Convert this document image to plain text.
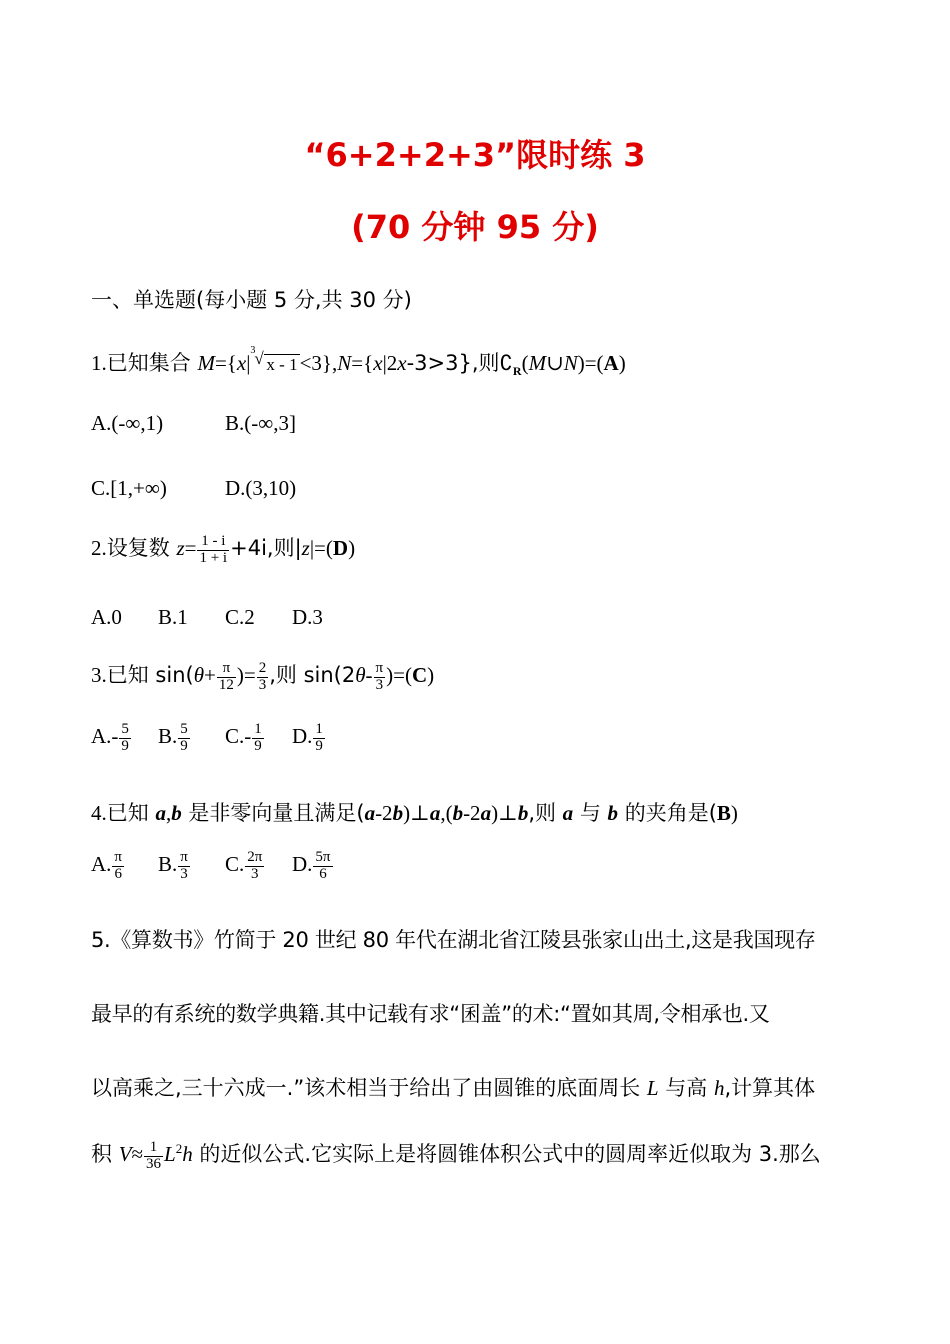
“6+2+2+3”限时练 3
(70 分钟 95 分)
一、单选题(每小题 5 分,共 30 分)
1.已知集合 M={x|
3 √ x - 1<3},N={x|2x-3>3},则$∁_R(M\cup N)=(A)$
A.(-∞,1)	B.(-∞,3]
C.[1,+∞)	D.(3,10)
2.设复数 $z= \frac{1 - i}{1 + i} +4i$,则|z|=(D)
A.0 B.1 C.2 D.3
3.已知 $\sin(\theta+ \frac{\pi}{12}$ )= $\frac{2}{3}$ ,则 $\sin(2\theta- \frac{\pi}{3} )=(C)$
$A.- \frac{5}{9} B$. $\frac{5}{9} C.- \frac{1}{9} D$. $\frac{1}{9}$
4.已知 a,b 是非零向量且满足(a-2b)⊥a,(b-2a)⊥b,则 a 与 b 的夹角是(B)
A. $\frac{\pi}{6} B$. $\frac{\pi}{3} C$. $\frac{2\pi}{3} D$. $\frac{5\pi}{6}$
5.《算数书》竹简于 20 世纪 80 年代在湖北省江陵县张家山出土,这是我国现存
最早的有系统的数学典籍.其中记载有求“囷盖”的术:“置如其周,令相承也.又
以高乘之,三十六成一.”该术相当于给出了由圆锥的底面周长 L 与高 h,计算其体
积 $V\approx \frac{1}{36} L^2h$ 的近似公式.它实际上是将圆锥体积公式中的圆周率近似取为 3.那么
